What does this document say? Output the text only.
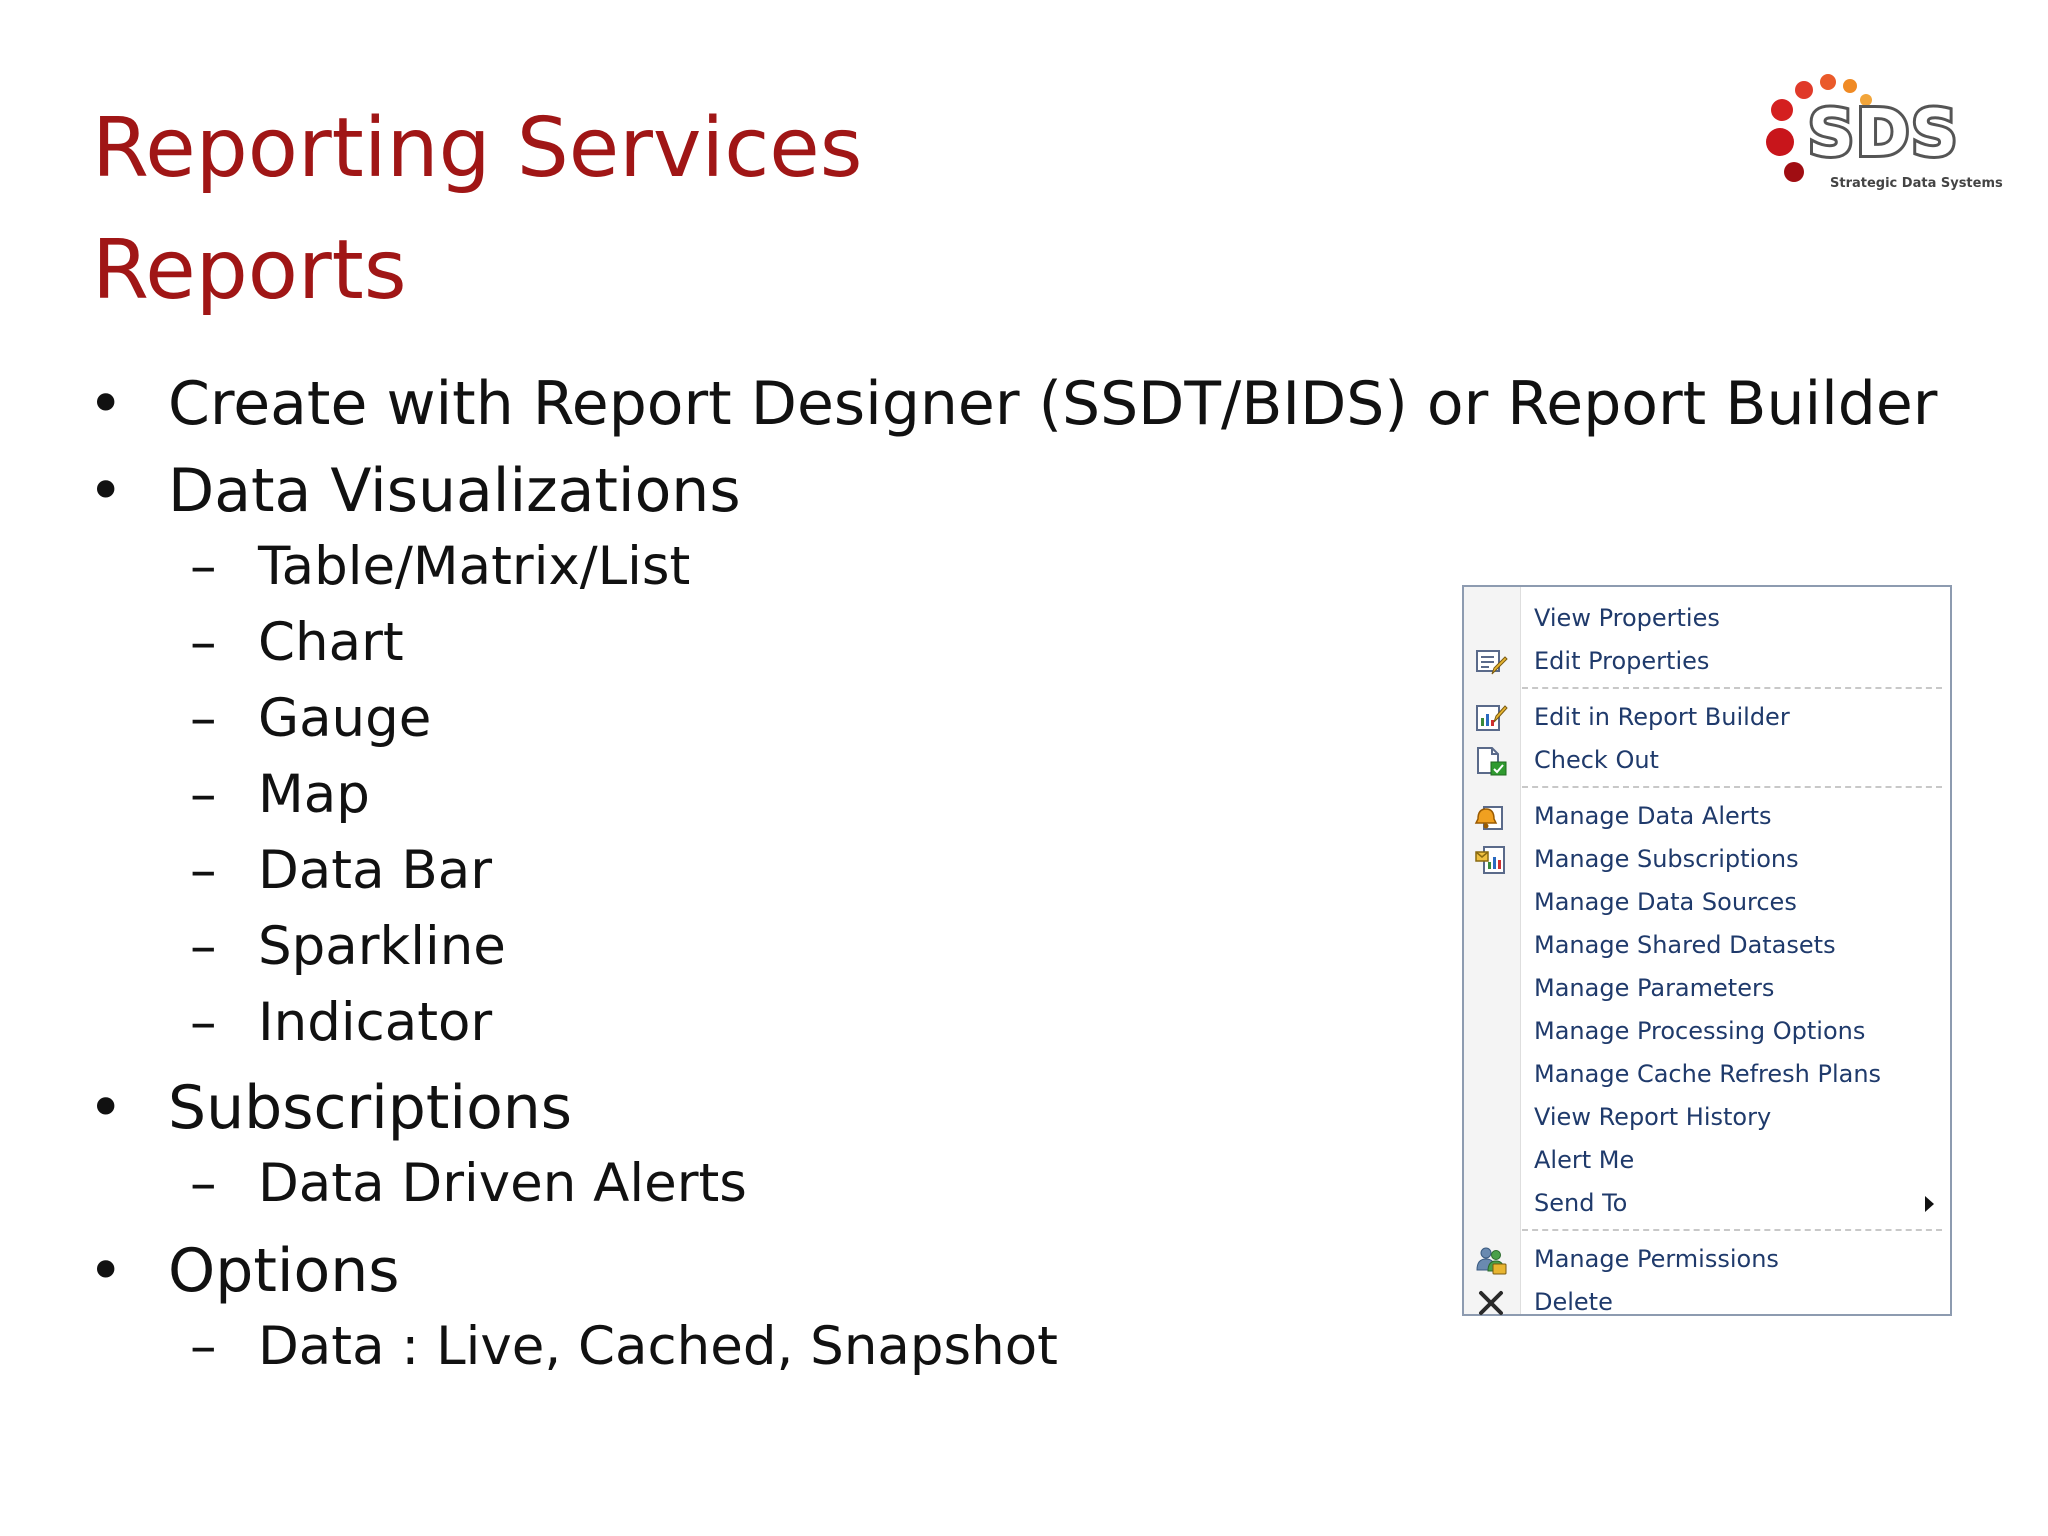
Reporting Services
Reports
SDS
Strategic Data Systems
• Create with Report Designer (SSDT/BIDS) or Report Builder
• Data Visualizations
– Table/Matrix/List
– Chart
– Gauge
– Map
– Data Bar
– Sparkline
– Indicator
• Subscriptions
– Data Driven Alerts
• Options
– Data : Live, Cached, Snapshot
View Properties
Edit Properties
Edit in Report Builder
Check Out
Manage Data Alerts
Manage Subscriptions
Manage Data Sources
Manage Shared Datasets
Manage Parameters
Manage Processing Options
Manage Cache Refresh Plans
View Report History
Alert Me
Send To
Manage Permissions
Delete
